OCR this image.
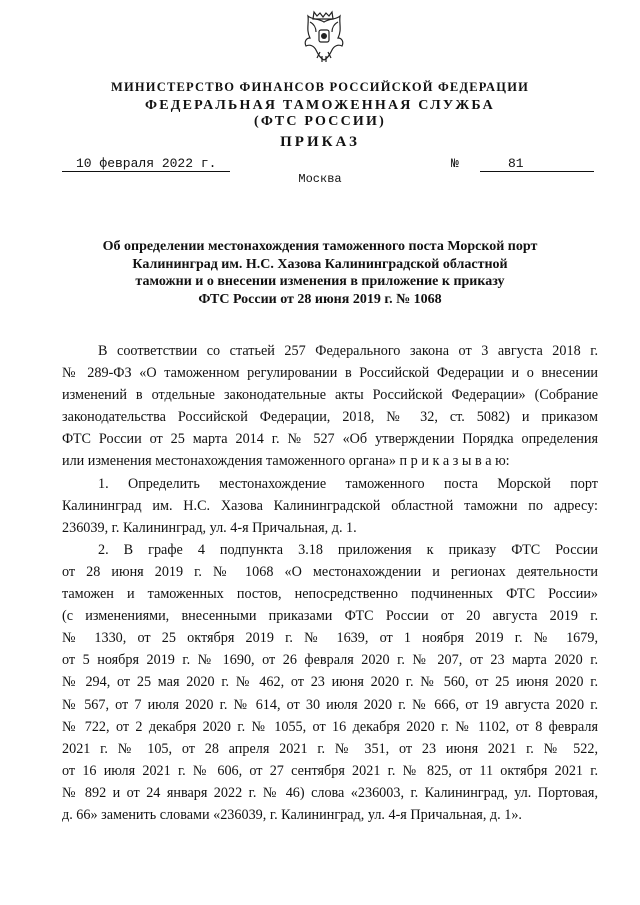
МИНИСТЕРСТВО ФИНАНСОВ РОССИЙСКОЙ ФЕДЕРАЦИИ
ФЕДЕРАЛЬНАЯ ТАМОЖЕННАЯ СЛУЖБА
(ФТС РОССИИ)
ПРИКАЗ
10 февраля 2022 г.	№	81
Москва
Об определении местонахождения таможенного поста Морской порт
Калининград им. Н.С. Хазова Калининградской областной
таможни и о внесении изменения в приложение к приказу
ФТС России от 28 июня 2019 г. № 1068
В соответствии со статьей 257 Федерального закона от 3 августа 2018 г.
№ 289-ФЗ «О таможенном регулировании в Российской Федерации и о внесении
изменений в отдельные законодательные акты Российской Федерации» (Собрание
законодательства Российской Федерации, 2018, № 32, ст. 5082) и приказом
ФТС России от 25 марта 2014 г. № 527 «Об утверждении Порядка определения
или изменения местонахождения таможенного органа» п р и к а з ы в а ю:
1. Определить местонахождение таможенного поста Морской порт
Калининград им. Н.С. Хазова Калининградской областной таможни по адресу:
236039, г. Калининград, ул. 4-я Причальная, д. 1.
2. В графе 4 подпункта 3.18 приложения к приказу ФТС России
от 28 июня 2019 г. № 1068 «О местонахождении и регионах деятельности
таможен и таможенных постов, непосредственно подчиненных ФТС России»
(с изменениями, внесенными приказами ФТС России от 20 августа 2019 г.
№ 1330, от 25 октября 2019 г. № 1639, от 1 ноября 2019 г. № 1679,
от 5 ноября 2019 г. № 1690, от 26 февраля 2020 г. № 207, от 23 марта 2020 г.
№ 294, от 25 мая 2020 г. № 462, от 23 июня 2020 г. № 560, от 25 июня 2020 г.
№ 567, от 7 июля 2020 г. № 614, от 30 июля 2020 г. № 666, от 19 августа 2020 г.
№ 722, от 2 декабря 2020 г. № 1055, от 16 декабря 2020 г. № 1102, от 8 февраля
2021 г. № 105, от 28 апреля 2021 г. № 351, от 23 июня 2021 г. № 522,
от 16 июля 2021 г. № 606, от 27 сентября 2021 г. № 825, от 11 октября 2021 г.
№ 892 и от 24 января 2022 г. № 46) слова «236003, г. Калининград, ул. Портовая,
д. 66» заменить словами «236039, г. Калининград, ул. 4-я Причальная, д. 1».
